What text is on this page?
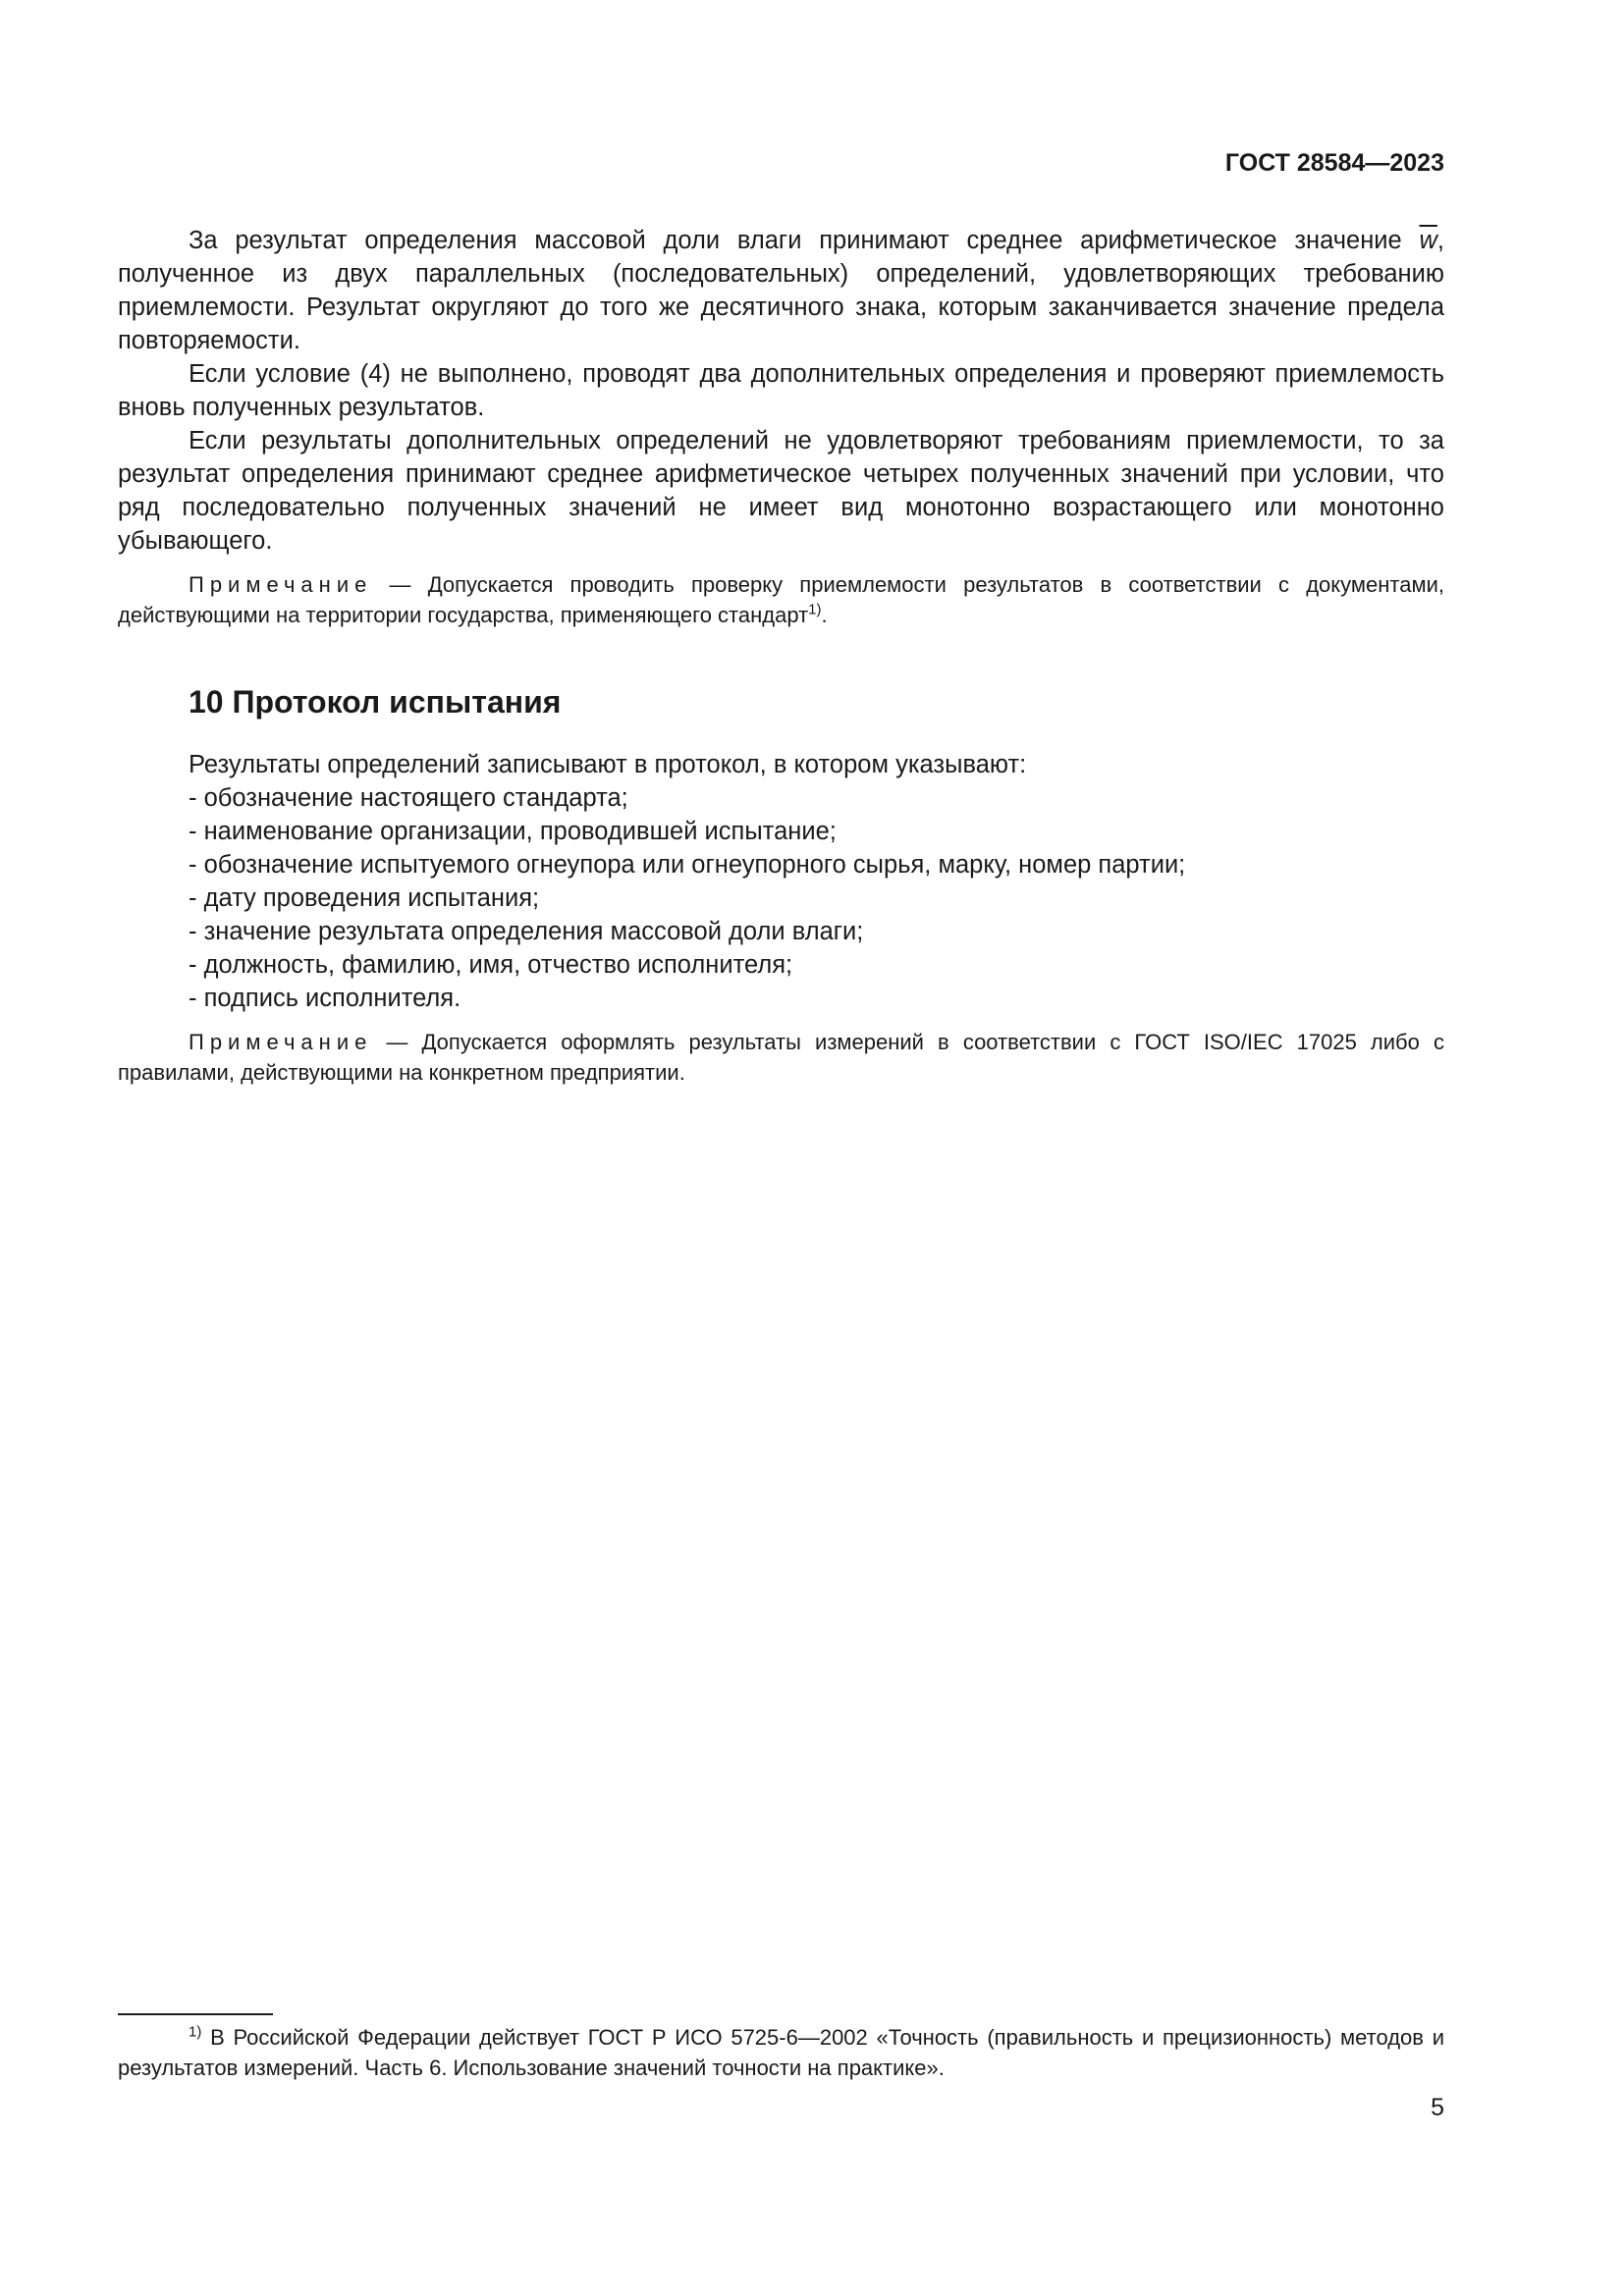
ГОСТ 28584—2023

За результат определения массовой доли влаги принимают среднее арифметическое значение $\overline{w}$, полученное из двух параллельных (последовательных) определений, удовлетворяющих требованию приемлемости. Результат округляют до того же десятичного знака, которым заканчивается значение предела повторяемости.

Если условие (4) не выполнено, проводят два дополнительных определения и проверяют приемлемость вновь полученных результатов.

Если результаты дополнительных определений не удовлетворяют требованиям приемлемости, то за результат определения принимают среднее арифметическое четырех полученных значений при условии, что ряд последовательно полученных значений не имеет вид монотонно возрастающего или монотонно убывающего.

Примечание — Допускается проводить проверку приемлемости результатов в соответствии с документами, действующими на территории государства, применяющего стандарт$^{1)}$.
10 Протокол испытания

Результаты определений записывают в протокол, в котором указывают:

- обозначение настоящего стандарта;
- наименование организации, проводившей испытание;
- обозначение испытуемого огнеупора или огнеупорного сырья, марку, номер партии;
- дату проведения испытания;
- значение результата определения массовой доли влаги;
- должность, фамилию, имя, отчество исполнителя;
- подпись исполнителя.
Примечание — Допускается оформлять результаты измерений в соответствии с ГОСТ ISO/IEC 17025 либо с правилами, действующими на конкретном предприятии.
$^{1)}$ В Российской Федерации действует ГОСТ Р ИСО 5725-6—2002 «Точность (правильность и прецизионность) методов и результатов измерений. Часть 6. Использование значений точности на практике».
5
